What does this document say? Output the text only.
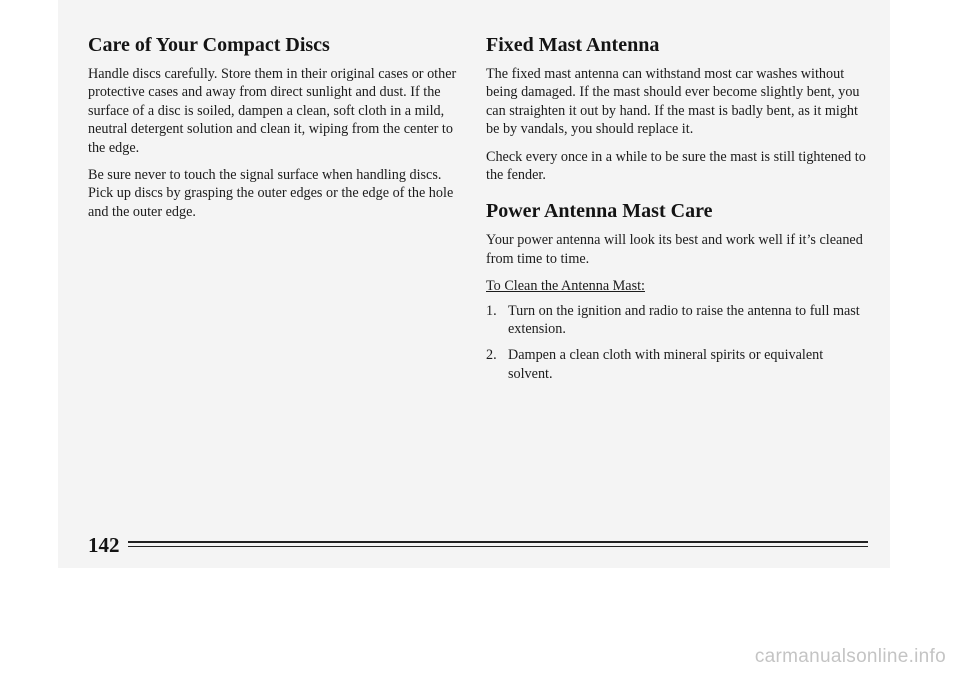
Care of Your Compact Discs

Handle discs carefully. Store them in their original cases or other protective cases and away from direct sunlight and dust. If the surface of a disc is soiled, dampen a clean, soft cloth in a mild, neutral detergent solution and clean it, wiping from the center to the edge.

Be sure never to touch the signal surface when handling discs. Pick up discs by grasping the outer edges or the edge of the hole and the outer edge.

Fixed Mast Antenna

The fixed mast antenna can withstand most car washes without being damaged. If the mast should ever become slightly bent, you can straighten it out by hand. If the mast is badly bent, as it might be by vandals, you should replace it.

Check every once in a while to be sure the mast is still tightened to the fender.

Power Antenna Mast Care

Your power antenna will look its best and work well if it’s cleaned from time to time.

To Clean the Antenna Mast:
1. Turn on the ignition and radio to raise the antenna to full mast extension.
2. Dampen a clean cloth with mineral spirits or equivalent solvent.
142
carmanualsonline.info
